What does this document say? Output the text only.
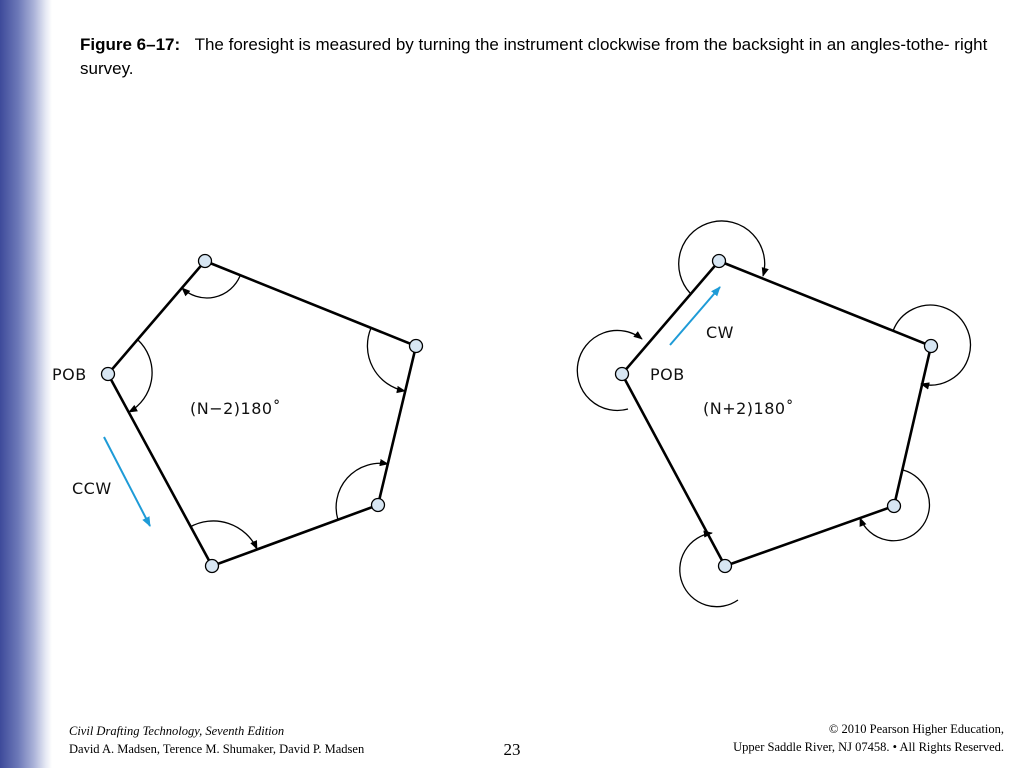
Figure 6–17: The foresight is measured by turning the instrument clockwise from the backsight in an angles-tothe- right survey.
POB
CCW
(N−2)180˚
CW
POB
(N+2)180˚
Civil Drafting Technology, Seventh Edition
David A. Madsen, Terence M. Shumaker, David P. Madsen	23
© 2010 Pearson Higher Education,
Upper Saddle River, NJ 07458. • All Rights Reserved.
